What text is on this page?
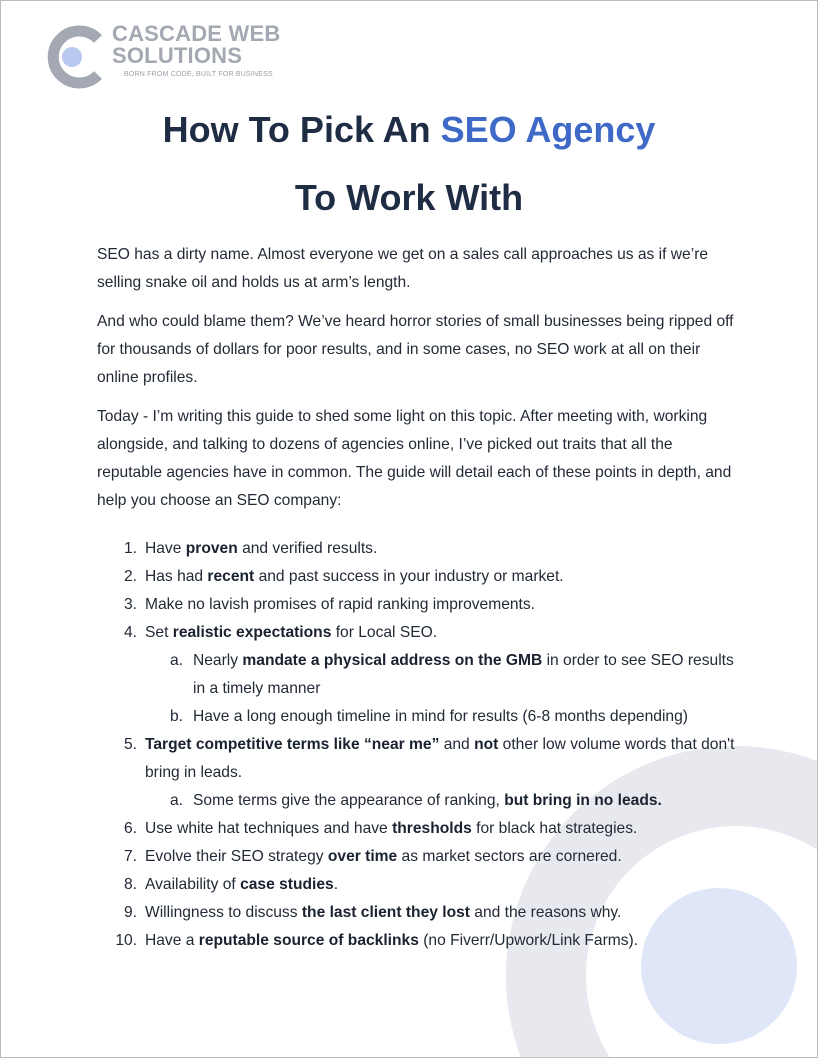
CASCADE WEB
SOLUTIONS
BORN FROM CODE, BUILT FOR BUSINESS
How To Pick An SEO Agency
To Work With

SEO has a dirty name. Almost everyone we get on a sales call approaches us as if we’re selling snake oil and holds us at arm’s length.

And who could blame them? We’ve heard horror stories of small businesses being ripped off for thousands of dollars for poor results, and in some cases, no SEO work at all on their online profiles.

Today - I’m writing this guide to shed some light on this topic. After meeting with, working alongside, and talking to dozens of agencies online, I’ve picked out traits that all the reputable agencies have in common. The guide will detail each of these points in depth, and help you choose an SEO company:

1. Have proven and verified results.
2. Has had recent and past success in your industry or market.
3. Make no lavish promises of rapid ranking improvements.
4. Set realistic expectations for Local SEO.
a. Nearly mandate a physical address on the GMB in order to see SEO results in a timely manner
b. Have a long enough timeline in mind for results (6-8 months depending)
5. Target competitive terms like “near me” and not other low volume words that don't bring in leads.
a. Some terms give the appearance of ranking, but bring in no leads.
6. Use white hat techniques and have thresholds for black hat strategies.
7. Evolve their SEO strategy over time as market sectors are cornered.
8. Availability of case studies.
9. Willingness to discuss the last client they lost and the reasons why.
10. Have a reputable source of backlinks (no Fiverr/Upwork/Link Farms).
